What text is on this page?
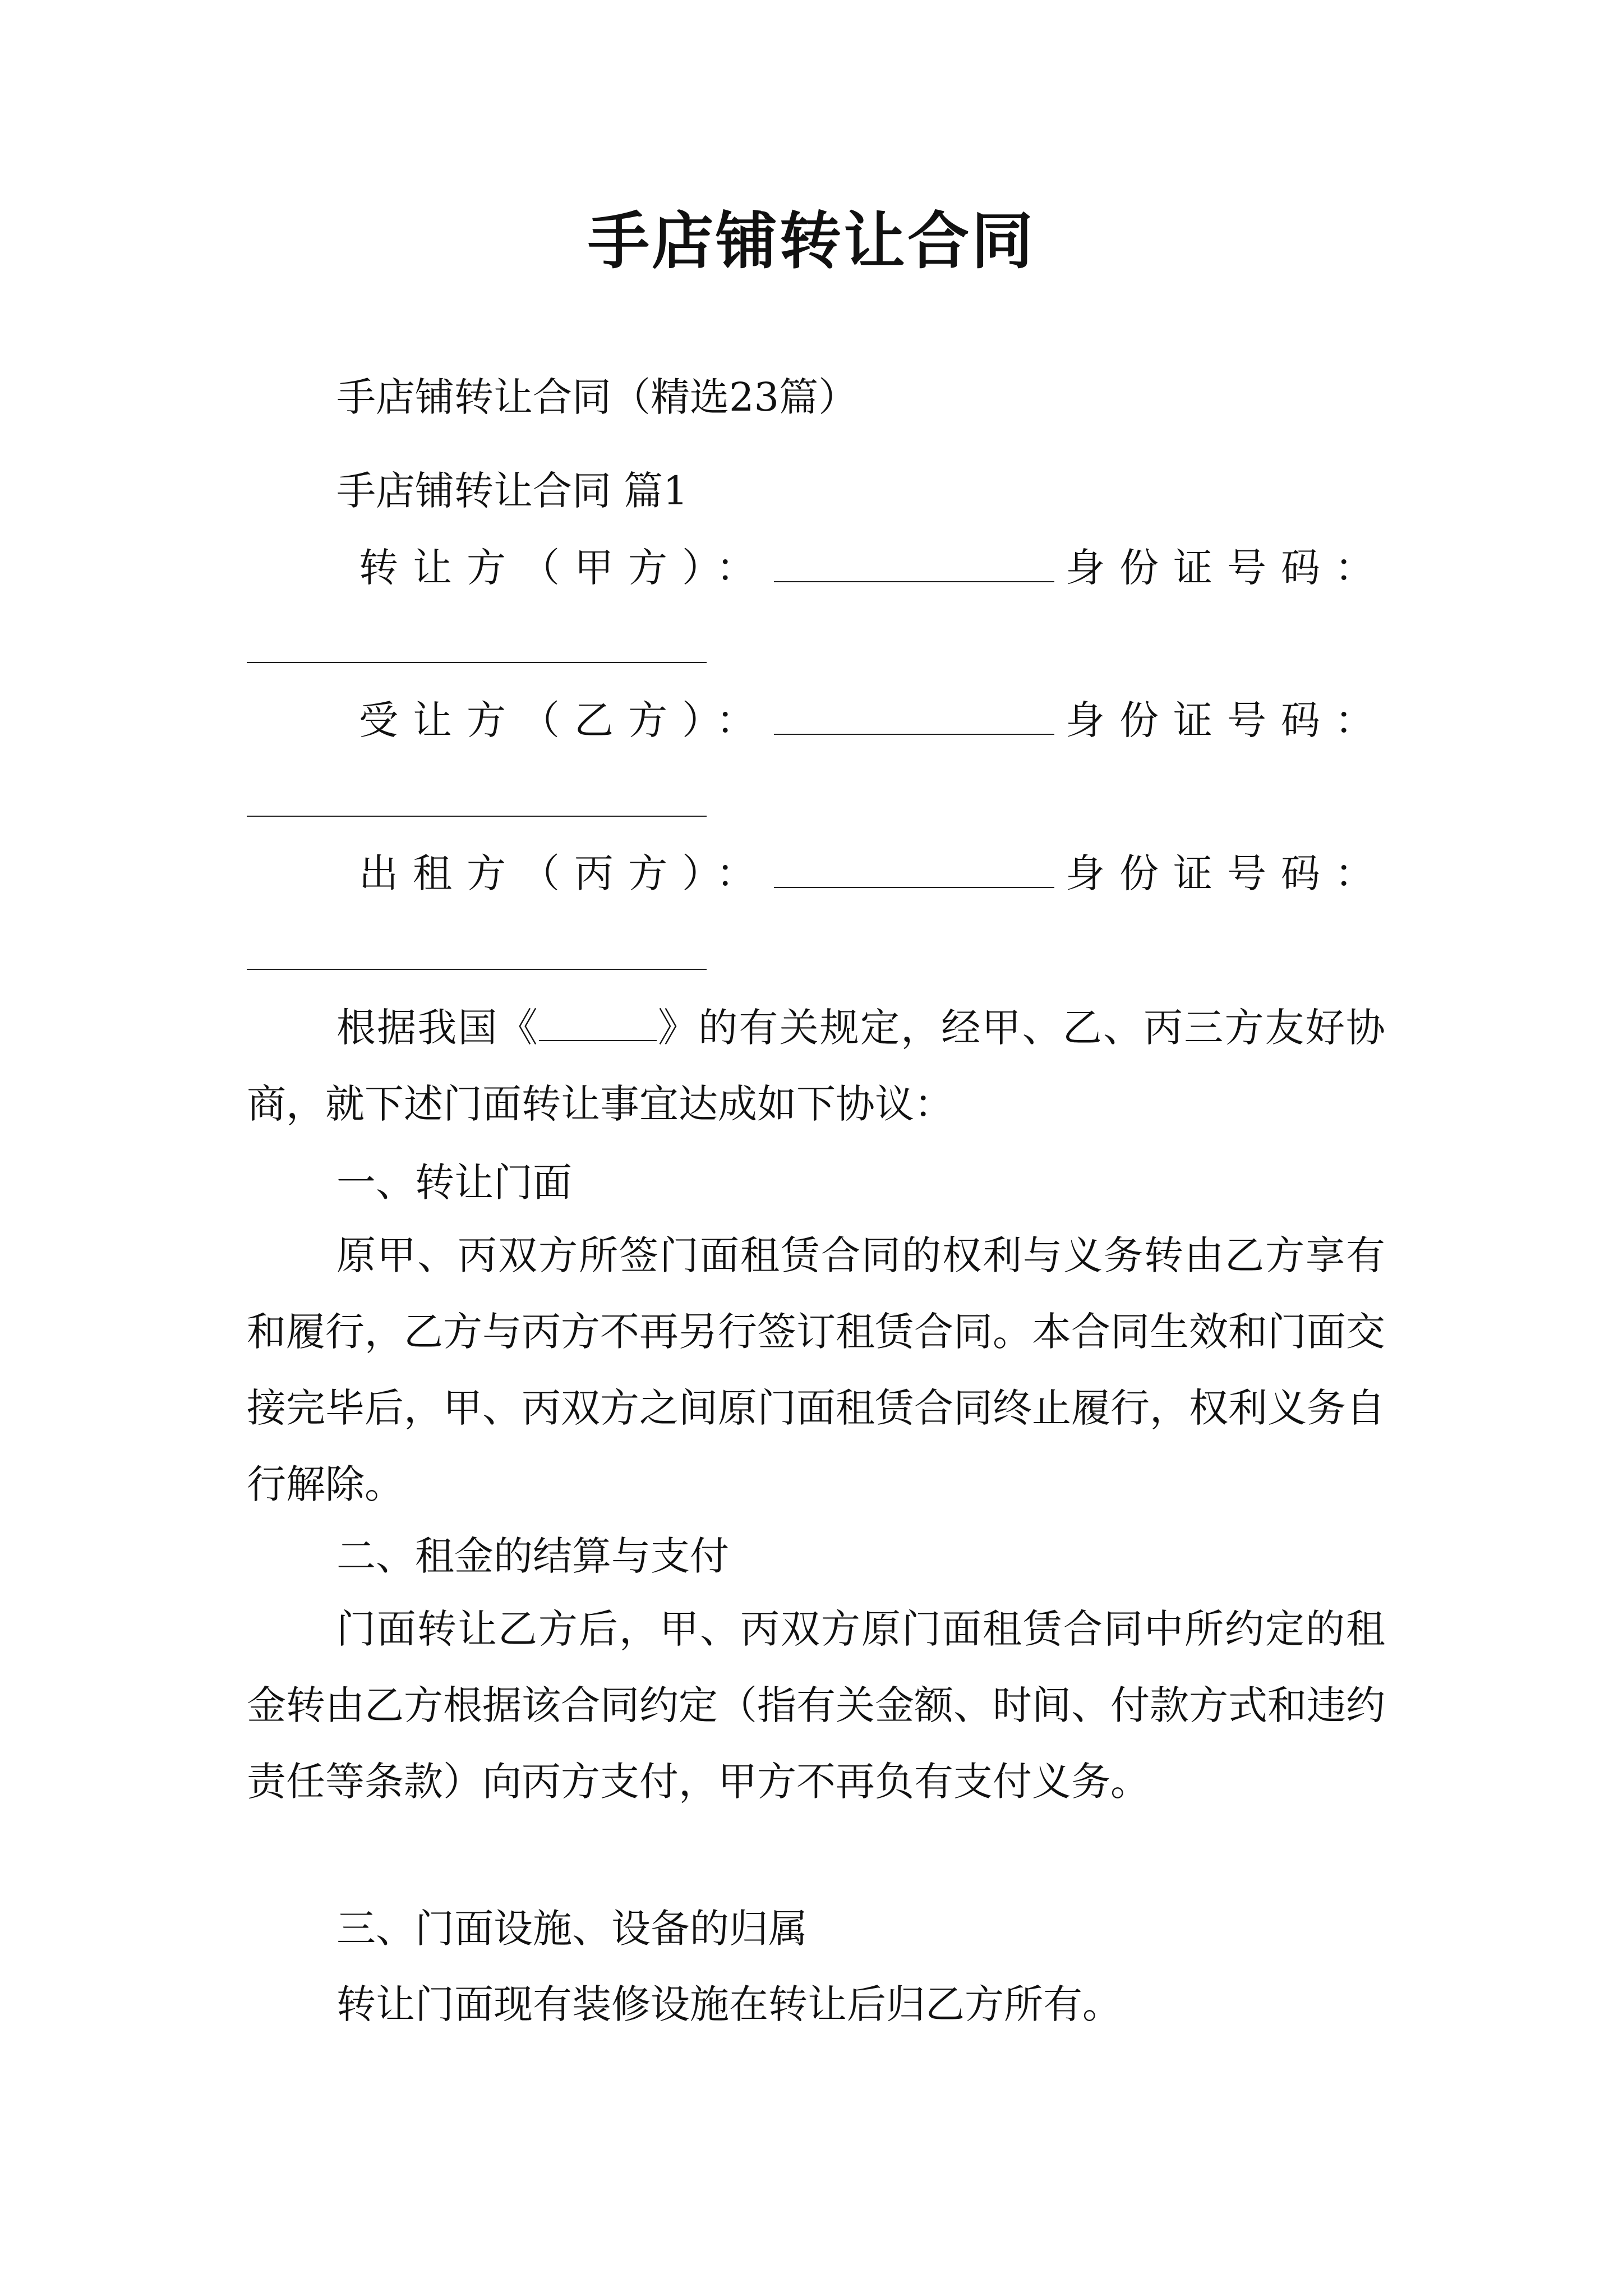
手店铺转让合同
手店铺转让合同（精选23篇）
手店铺转让合同 篇1
转让方（甲方）：	身份证号码：
受让方（乙方）：	身份证号码：
出租方（丙方）：	身份证号码：
根据我国《	》的有关规定，经甲、乙、丙三方友好协商，就下述门面转让事宜达成如下协议：
一、转让门面
原甲、丙双方所签门面租赁合同的权利与义务转由乙方享有和履行，乙方与丙方不再另行签订租赁合同。本合同生效和门面交接完毕后，甲、丙双方之间原门面租赁合同终止履行，权利义务自行解除。
二、租金的结算与支付
门面转让乙方后，甲、丙双方原门面租赁合同中所约定的租金转由乙方根据该合同约定（指有关金额、时间、付款方式和违约责任等条款）向丙方支付，甲方不再负有支付义务。
三、门面设施、设备的归属
转让门面现有装修设施在转让后归乙方所有。
